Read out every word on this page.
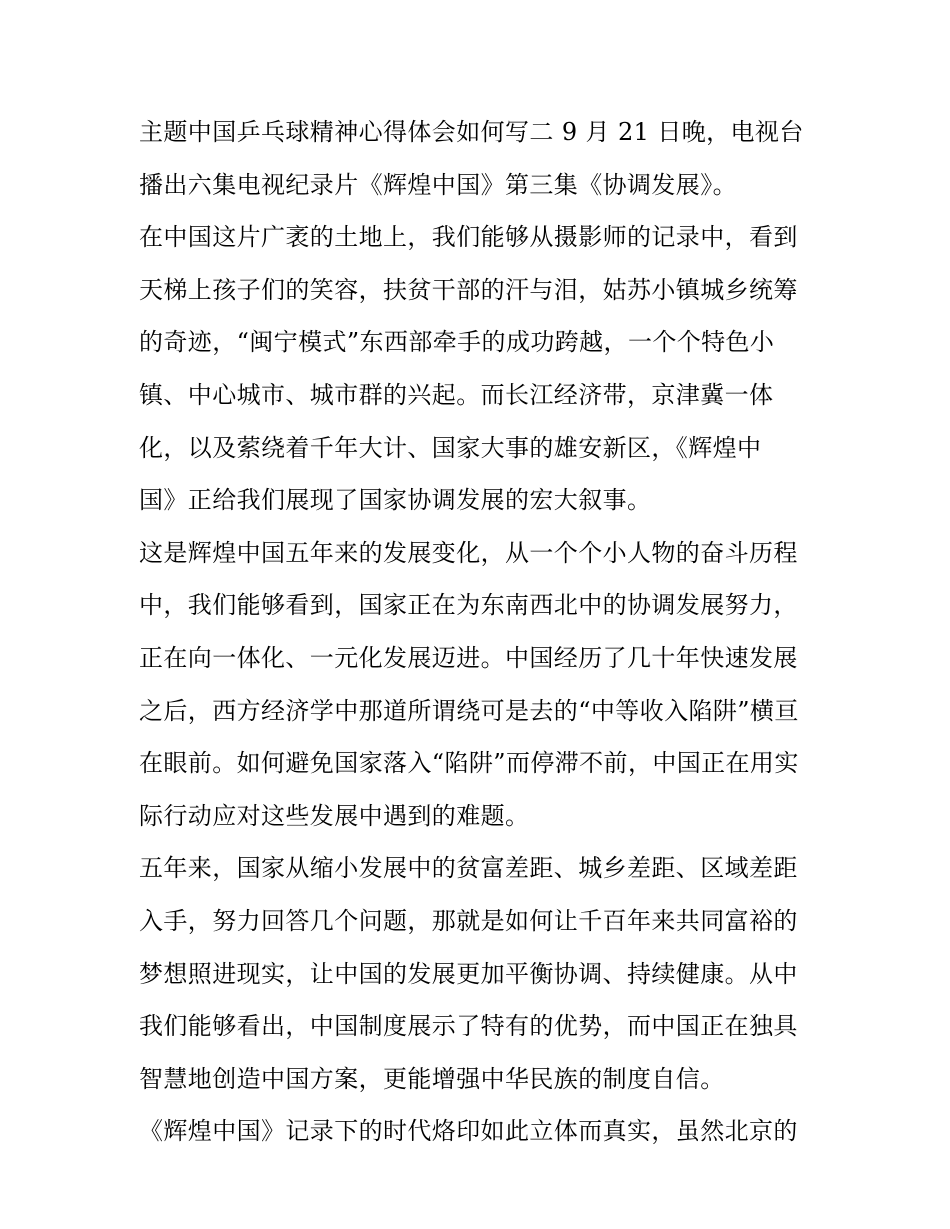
主题中国乒乓球精神心得体会如何写二 9 月 21 日晚，电视台
播出六集电视纪录片《辉煌中国》第三集《协调发展》。

在中国这片广袤的土地上，我们能够从摄影师的记录中，看到
天梯上孩子们的笑容，扶贫干部的汗与泪，姑苏小镇城乡统筹
的奇迹，“闽宁模式”东西部牵手的成功跨越，一个个特色小
镇、中心城市、城市群的兴起。而长江经济带，京津冀一体
化，以及萦绕着千年大计、国家大事的雄安新区，《辉煌中
国》正给我们展现了国家协调发展的宏大叙事。

这是辉煌中国五年来的发展变化，从一个个小人物的奋斗历程
中，我们能够看到，国家正在为东南西北中的协调发展努力，
正在向一体化、一元化发展迈进。中国经历了几十年快速发展
之后，西方经济学中那道所谓绕可是去的“中等收入陷阱”横亘
在眼前。如何避免国家落入“陷阱”而停滞不前，中国正在用实
际行动应对这些发展中遇到的难题。

五年来，国家从缩小发展中的贫富差距、城乡差距、区域差距
入手，努力回答几个问题，那就是如何让千百年来共同富裕的
梦想照进现实，让中国的发展更加平衡协调、持续健康。从中
我们能够看出，中国制度展示了特有的优势，而中国正在独具
智慧地创造中国方案，更能增强中华民族的制度自信。

《辉煌中国》记录下的时代烙印如此立体而真实，虽然北京的
